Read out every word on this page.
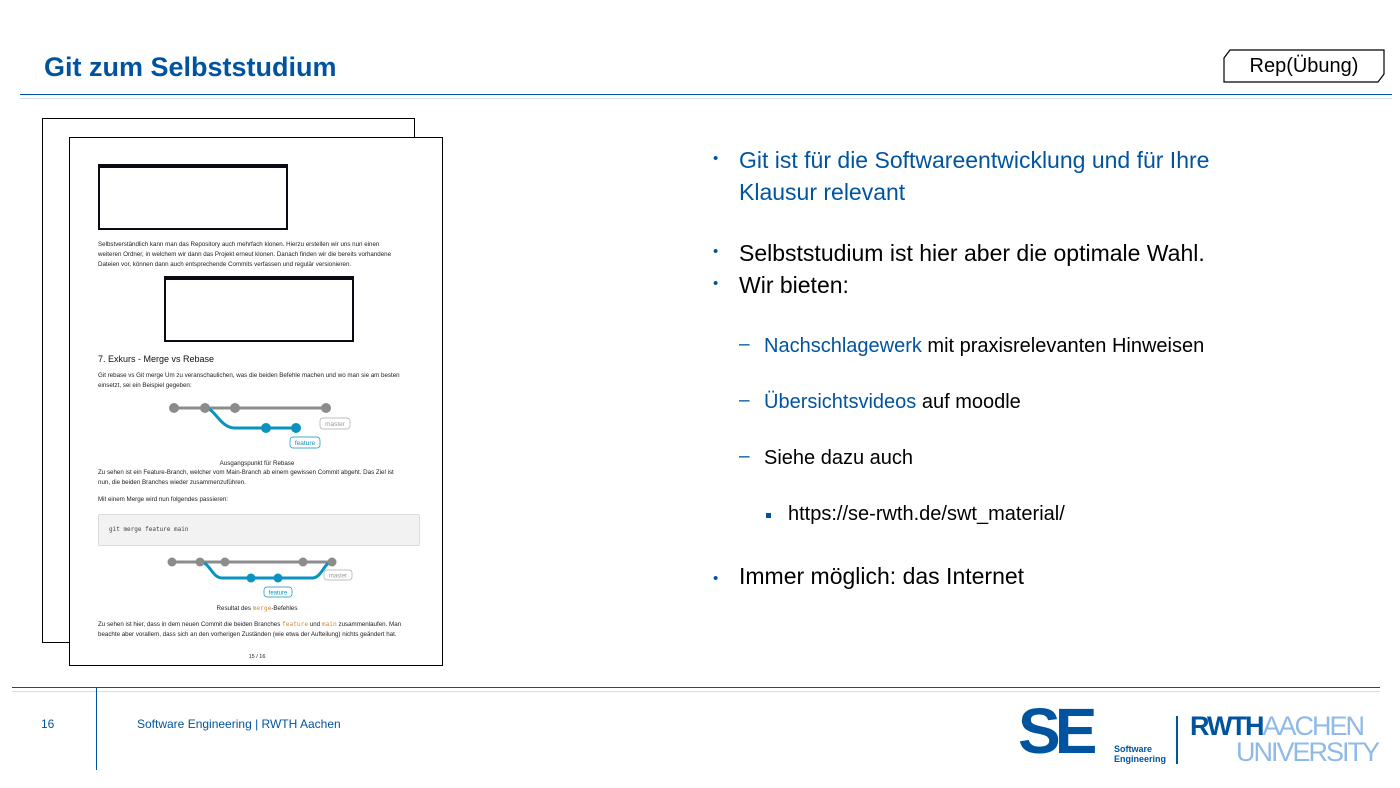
Git zum Selbststudium	Rep(Übung)
Selbstverständlich kann man das Repository auch mehrfach klonen. Hierzu erstellen wir uns nun einen
weiteren Ordner, in welchem wir dann das Projekt erneut klonen. Danach finden wir die bereits vorhandene
Dateien vor, können dann auch entsprechende Commits verfassen und regulär versionieren.
7. Exkurs - Merge vs Rebase
Git rebase vs Git merge Um zu veranschaulichen, was die beiden Befehle machen und wo man sie am besten
einsetzt, sei ein Beispiel gegeben:
master
feature
Ausgangspunkt für Rebase
Zu sehen ist ein Feature-Branch, welcher vom Main-Branch ab einem gewissen Commit abgeht. Das Ziel ist
nun, die beiden Branches wieder zusammenzuführen.
Mit einem Merge wird nun folgendes passieren:
git merge feature main
master
feature
Resultat des merge-Befehles
Zu sehen ist hier, dass in dem neuen Commit die beiden Branches feature und main zusammenlaufen. Man
beachte aber vorallem, dass sich an den vorherigen Zuständen (wie etwa der Aufteilung) nichts geändert hat.
15 / 16
• Git ist für die Softwareentwicklung und für Ihre
Klausur relevant
• Selbststudium ist hier aber die optimale Wahl.
• Wir bieten:
– Nachschlagewerk mit praxisrelevanten Hinweisen
– Übersichtsvideos auf moodle
– Siehe dazu auch
https://se-rwth.de/swt_material/
• Immer möglich: das Internet
16	Software Engineering | RWTH Aachen	SE	Software
Engineering
RWTHAACHEN
UNIVERSITY
